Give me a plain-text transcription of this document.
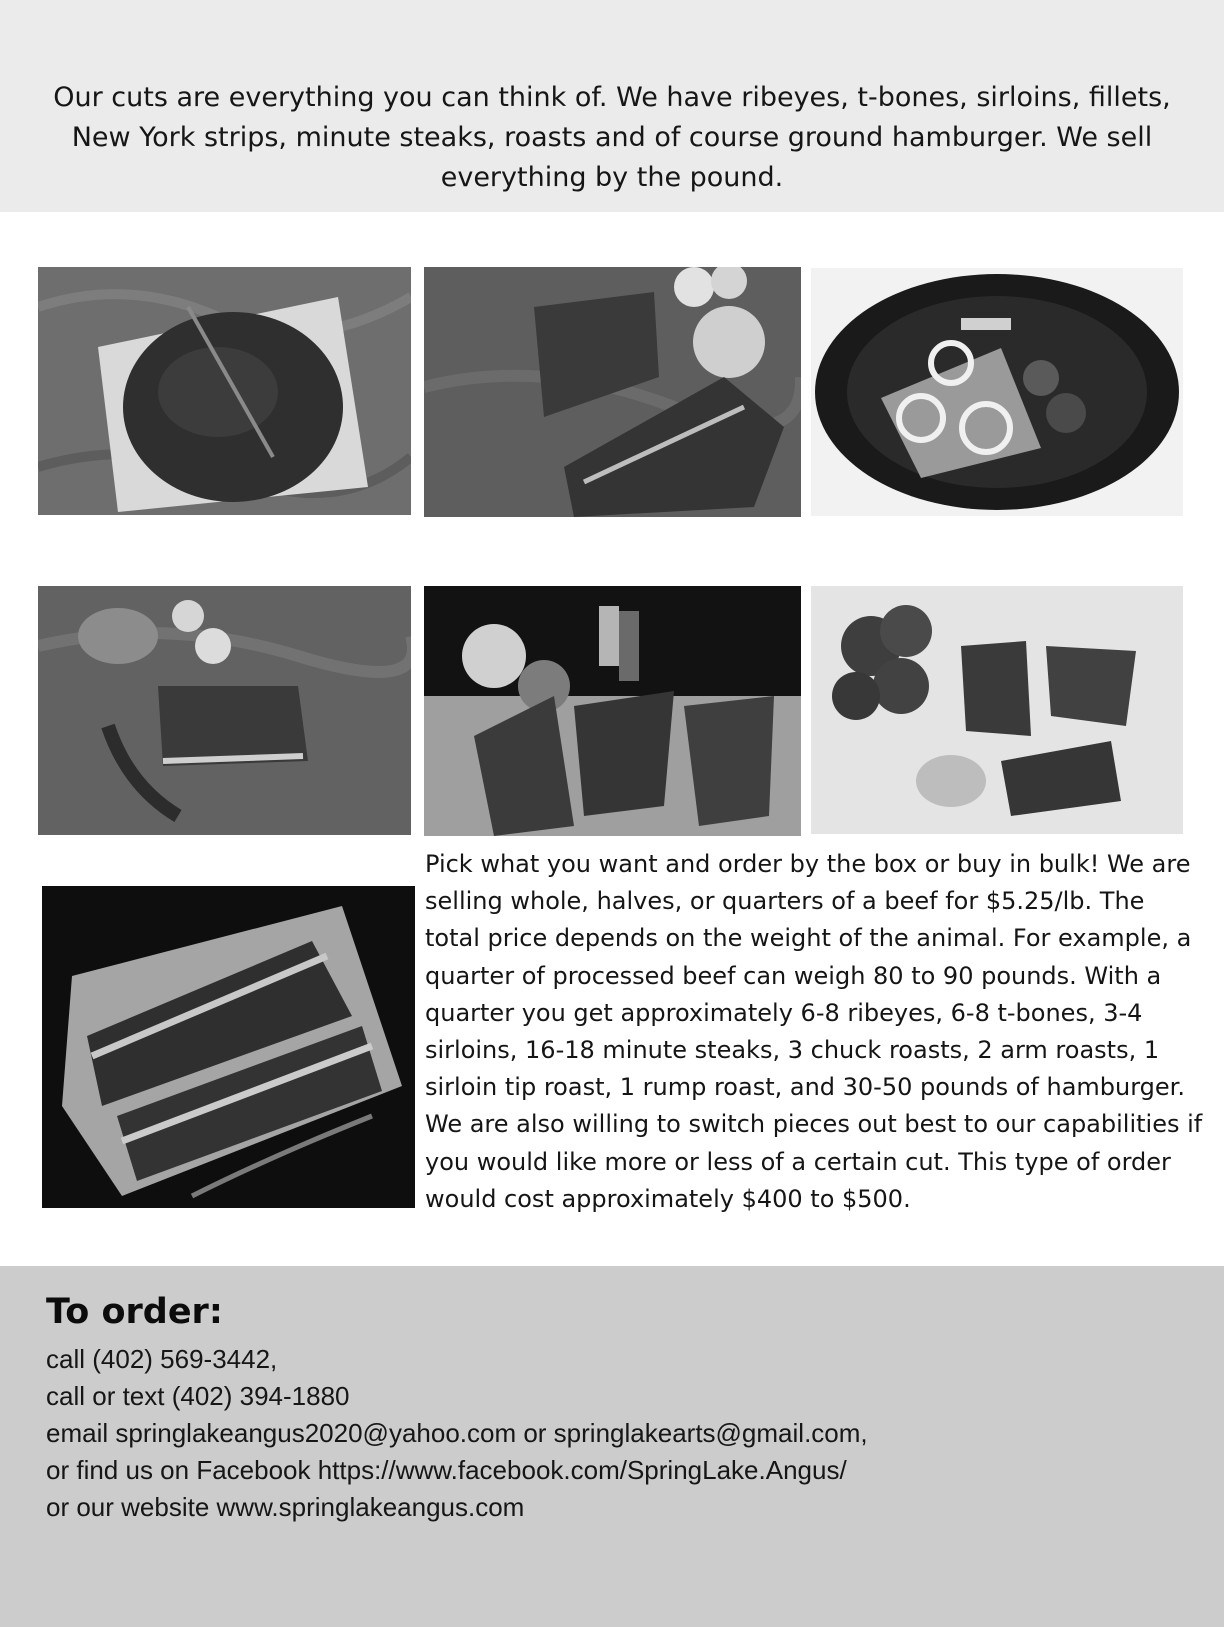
Our cuts are everything you can think of. We have ribeyes, t-bones, sirloins, fillets, New York strips, minute steaks, roasts and of course ground hamburger. We sell everything by the pound.

Pick what you want and order by the box or buy in bulk! We are selling whole, halves, or quarters of a beef for $5.25/lb. The total price depends on the weight of the animal. For example, a quarter of processed beef can weigh 80 to 90 pounds. With a quarter you get approximately 6-8 ribeyes, 6-8 t-bones, 3-4 sirloins, 16-18 minute steaks, 3 chuck roasts, 2 arm roasts, 1 sirloin tip roast, 1 rump roast, and 30-50 pounds of hamburger. We are also willing to switch pieces out best to our capabilities if you would like more or less of a certain cut. This type of order would cost approximately $400 to $500.

To order:
call (402) 569-3442,
call or text (402) 394-1880
email springlakeangus2020@yahoo.com or springlakearts@gmail.com,
or find us on Facebook https://www.facebook.com/SpringLake.Angus/
or our website www.springlakeangus.com
